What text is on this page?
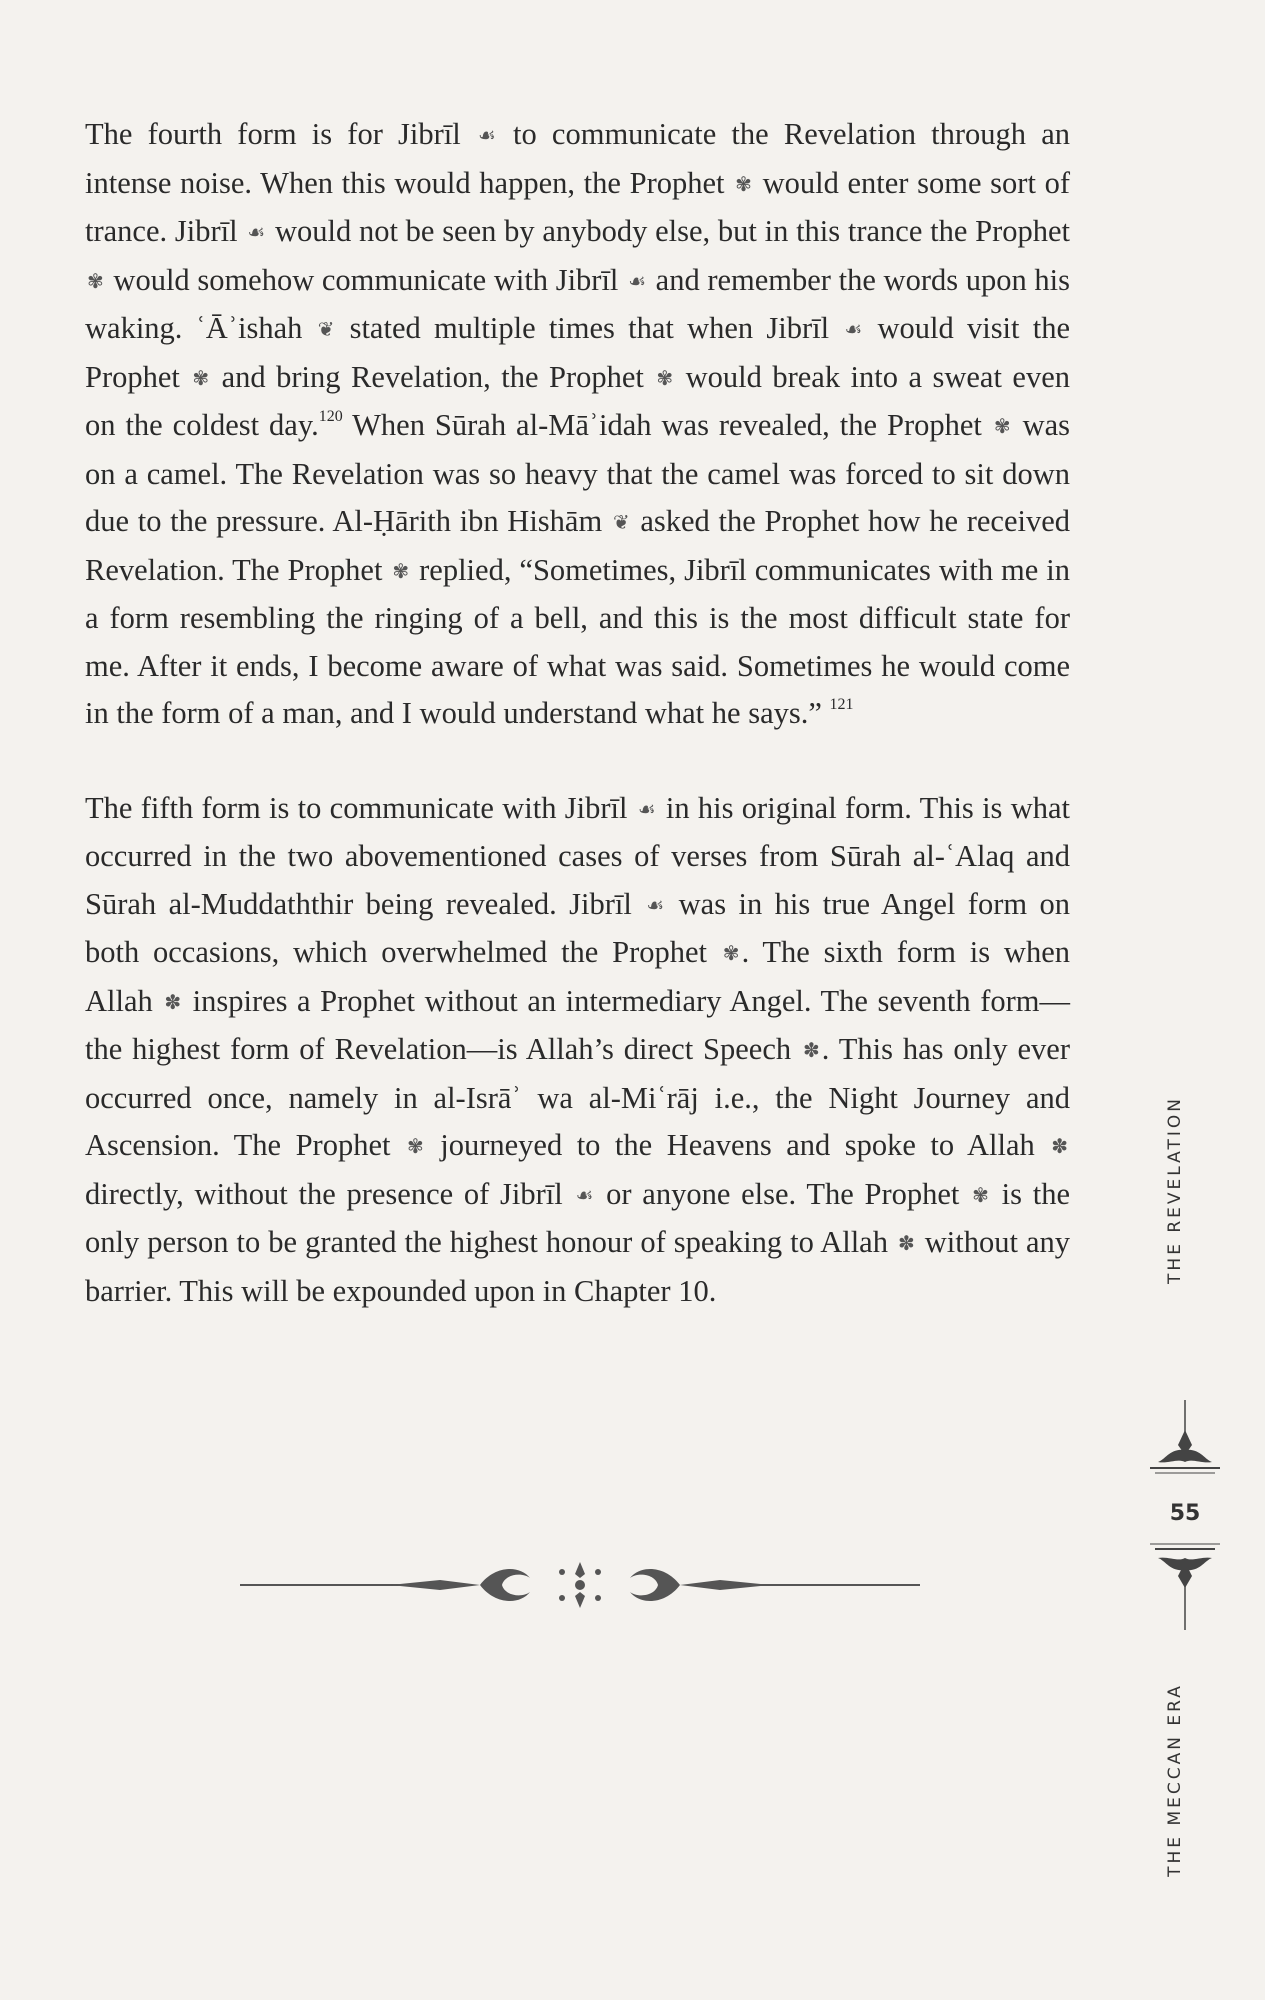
The fourth form is for Jibrīl ☙ to communicate the Revelation through an intense noise. When this would happen, the Prophet ✾ would enter some sort of trance. Jibrīl ☙ would not be seen by anybody else, but in this trance the Prophet ✾ would somehow communicate with Jibrīl ☙ and remember the words upon his waking. ʿĀʾishah ❦ stated multiple times that when Jibrīl ☙ would visit the Prophet ✾ and bring Revelation, the Prophet ✾ would break into a sweat even on the coldest day.$^{120}$ When Sūrah al-Māʾidah was revealed, the Prophet ✾ was on a camel. The Revelation was so heavy that the camel was forced to sit down due to the pressure. Al-Ḥārith ibn Hishām ❦ asked the Prophet how he received Revelation. The Prophet ✾ replied, “Sometimes, Jibrīl communicates with me in a form resembling the ringing of a bell, and this is the most difficult state for me. After it ends, I become aware of what was said. Sometimes he would come in the form of a man, and I would understand what he says.” $^{121}$

The fifth form is to communicate with Jibrīl ☙ in his original form. This is what occurred in the two abovementioned cases of verses from Sūrah al-ʿAlaq and Sūrah al-Muddaththir being revealed. Jibrīl ☙ was in his true Angel form on both occasions, which overwhelmed the Prophet ✾. The sixth form is when Allah ✽ inspires a Prophet without an intermediary Angel. The seventh form—the highest form of Revelation—is Allah’s direct Speech ✽. This has only ever occurred once, namely in al-Isrāʾ wa al-Miʿrāj i.e., the Night Journey and Ascension. The Prophet ✾ journeyed to the Heavens and spoke to Allah ✽ directly, without the presence of Jibrīl ☙ or anyone else. The Prophet ✾ is the only person to be granted the highest honour of speaking to Allah ✽ without any barrier. This will be expounded upon in Chapter 10.

THE REVELATION
55
THE MECCAN ERA
